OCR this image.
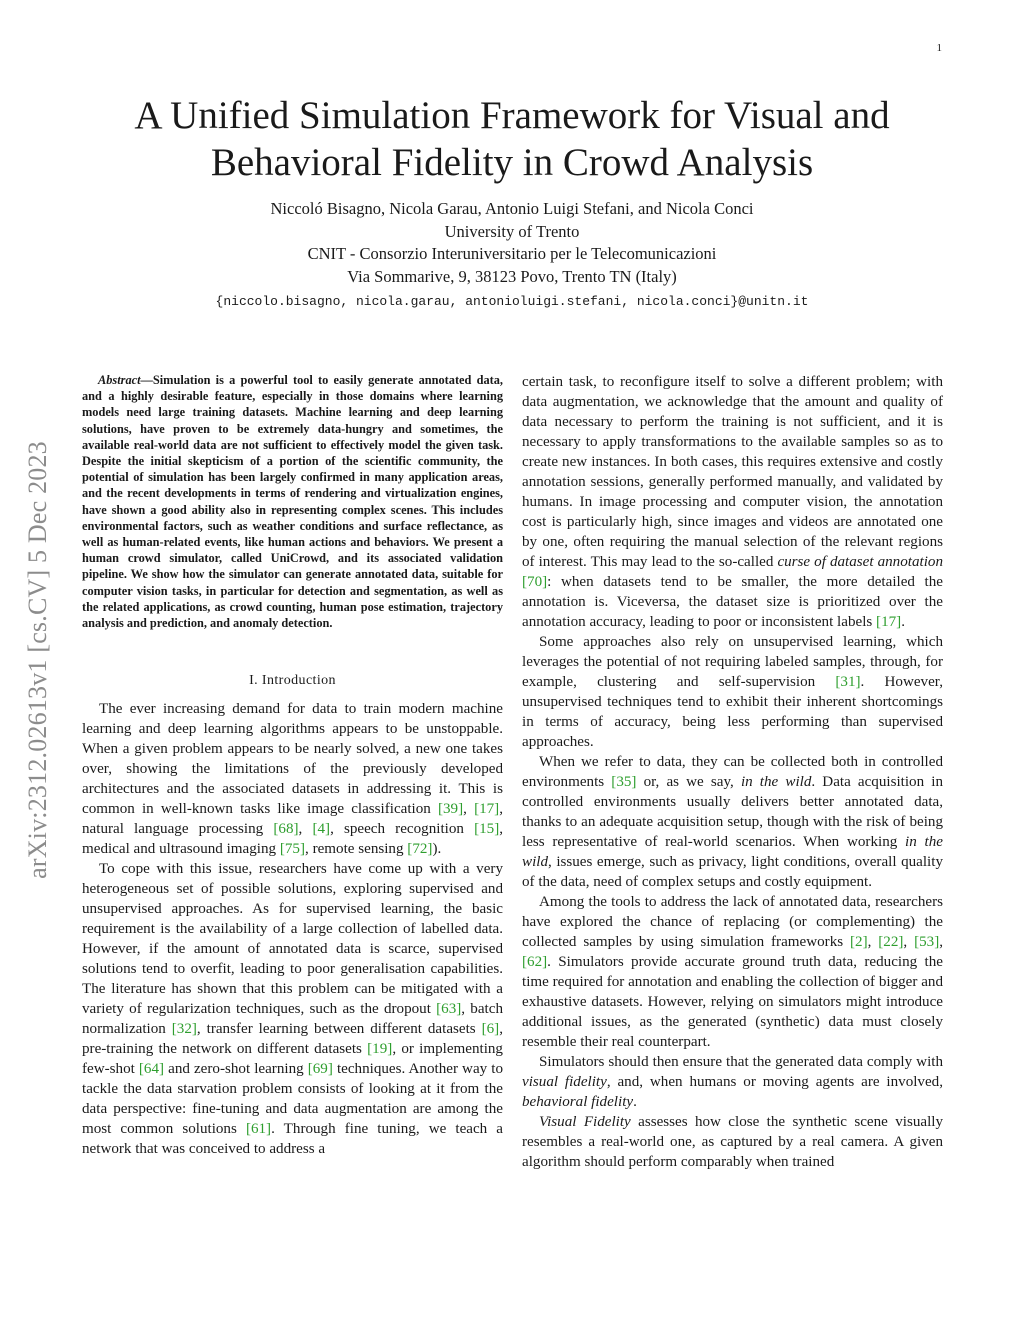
1
arXiv:2312.02613v1 [cs.CV] 5 Dec 2023
A Unified Simulation Framework for Visual and
Behavioral Fidelity in Crowd Analysis
Niccoló Bisagno, Nicola Garau, Antonio Luigi Stefani, and Nicola Conci
University of Trento
CNIT - Consorzio Interuniversitario per le Telecomunicazioni
Via Sommarive, 9, 38123 Povo, Trento TN (Italy)
{niccolo.bisagno, nicola.garau, antonioluigi.stefani, nicola.conci}@unitn.it

Abstract—Simulation is a powerful tool to easily generate annotated data, and a highly desirable feature, especially in those domains where learning models need large training datasets. Machine learning and deep learning solutions, have proven to be extremely data-hungry and sometimes, the available real-world data are not sufficient to effectively model the given task. Despite the initial skepticism of a portion of the scientific community, the potential of simulation has been largely confirmed in many application areas, and the recent developments in terms of rendering and virtualization engines, have shown a good ability also in representing complex scenes. This includes environmental factors, such as weather conditions and surface reflectance, as well as human-related events, like human actions and behaviors. We present a human crowd simulator, called UniCrowd, and its associated validation pipeline. We show how the simulator can generate annotated data, suitable for computer vision tasks, in particular for detection and segmentation, as well as the related applications, as crowd counting, human pose estimation, trajectory analysis and prediction, and anomaly detection.

I. Introduction

The ever increasing demand for data to train modern machine learning and deep learning algorithms appears to be unstoppable. When a given problem appears to be nearly solved, a new one takes over, showing the limitations of the previously developed architectures and the associated datasets in addressing it. This is common in well-known tasks like image classification [39], [17], natural language processing [68], [4], speech recognition [15], medical and ultrasound imaging [75], remote sensing [72]).

To cope with this issue, researchers have come up with a very heterogeneous set of possible solutions, exploring supervised and unsupervised approaches. As for supervised learning, the basic requirement is the availability of a large collection of labelled data. However, if the amount of annotated data is scarce, supervised solutions tend to overfit, leading to poor generalisation capabilities. The literature has shown that this problem can be mitigated with a variety of regularization techniques, such as the dropout [63], batch normalization [32], transfer learning between different datasets [6], pre-training the network on different datasets [19], or implementing few-shot [64] and zero-shot learning [69] techniques. Another way to tackle the data starvation problem consists of looking at it from the data perspective: fine-tuning and data augmentation are among the most common solutions [61]. Through fine tuning, we teach a network that was conceived to address a

certain task, to reconfigure itself to solve a different problem; with data augmentation, we acknowledge that the amount and quality of data necessary to perform the training is not sufficient, and it is necessary to apply transformations to the available samples so as to create new instances. In both cases, this requires extensive and costly annotation sessions, generally performed manually, and validated by humans. In image processing and computer vision, the annotation cost is particularly high, since images and videos are annotated one by one, often requiring the manual selection of the relevant regions of interest. This may lead to the so-called curse of dataset annotation [70]: when datasets tend to be smaller, the more detailed the annotation is. Viceversa, the dataset size is prioritized over the annotation accuracy, leading to poor or inconsistent labels [17].

Some approaches also rely on unsupervised learning, which leverages the potential of not requiring labeled samples, through, for example, clustering and self-supervision [31]. However, unsupervised techniques tend to exhibit their inherent shortcomings in terms of accuracy, being less performing than supervised approaches.

When we refer to data, they can be collected both in controlled environments [35] or, as we say, in the wild. Data acquisition in controlled environments usually delivers better annotated data, thanks to an adequate acquisition setup, though with the risk of being less representative of real-world scenarios. When working in the wild, issues emerge, such as privacy, light conditions, overall quality of the data, need of complex setups and costly equipment.

Among the tools to address the lack of annotated data, researchers have explored the chance of replacing (or complementing) the collected samples by using simulation frameworks [2], [22], [53], [62]. Simulators provide accurate ground truth data, reducing the time required for annotation and enabling the collection of bigger and exhaustive datasets. However, relying on simulators might introduce additional issues, as the generated (synthetic) data must closely resemble their real counterpart.

Simulators should then ensure that the generated data comply with visual fidelity, and, when humans or moving agents are involved, behavioral fidelity.

Visual Fidelity assesses how close the synthetic scene visually resembles a real-world one, as captured by a real camera. A given algorithm should perform comparably when trained
